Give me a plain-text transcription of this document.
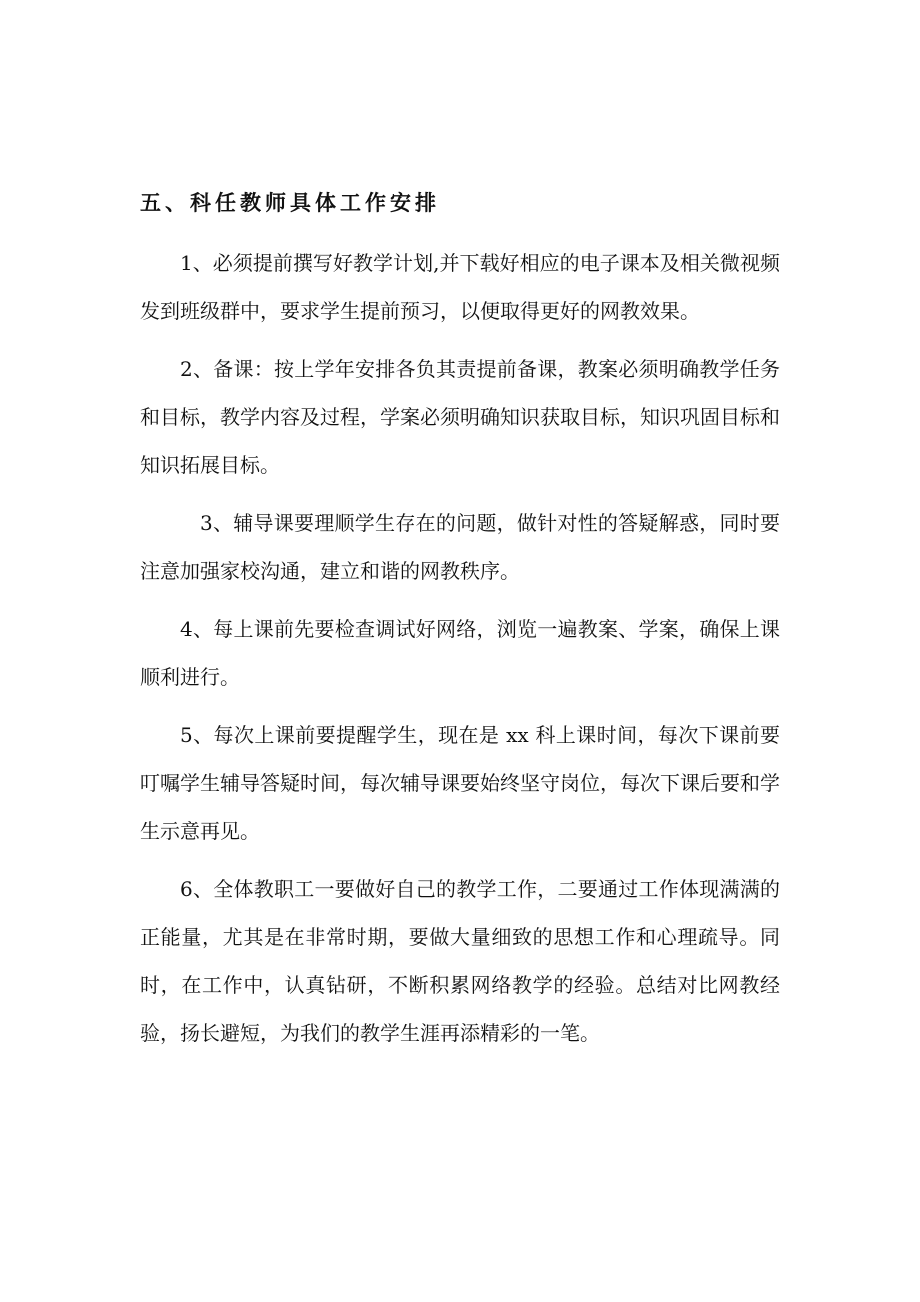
五、科任教师具体工作安排

1、必须提前撰写好教学计划,并下载好相应的电子课本及相关微视频发到班级群中，要求学生提前预习，以便取得更好的网教效果。

2、备课：按上学年安排各负其责提前备课，教案必须明确教学任务和目标，教学内容及过程，学案必须明确知识获取目标，知识巩固目标和知识拓展目标。

3、辅导课要理顺学生存在的问题，做针对性的答疑解惑，同时要注意加强家校沟通，建立和谐的网教秩序。

4、每上课前先要检查调试好网络，浏览一遍教案、学案，确保上课顺利进行。

5、每次上课前要提醒学生，现在是 xx 科上课时间，每次下课前要叮嘱学生辅导答疑时间，每次辅导课要始终坚守岗位，每次下课后要和学生示意再见。

6、全体教职工一要做好自己的教学工作，二要通过工作体现满满的正能量，尤其是在非常时期，要做大量细致的思想工作和心理疏导。同时，在工作中，认真钻研，不断积累网络教学的经验。总结对比网教经验，扬长避短，为我们的教学生涯再添精彩的一笔。
